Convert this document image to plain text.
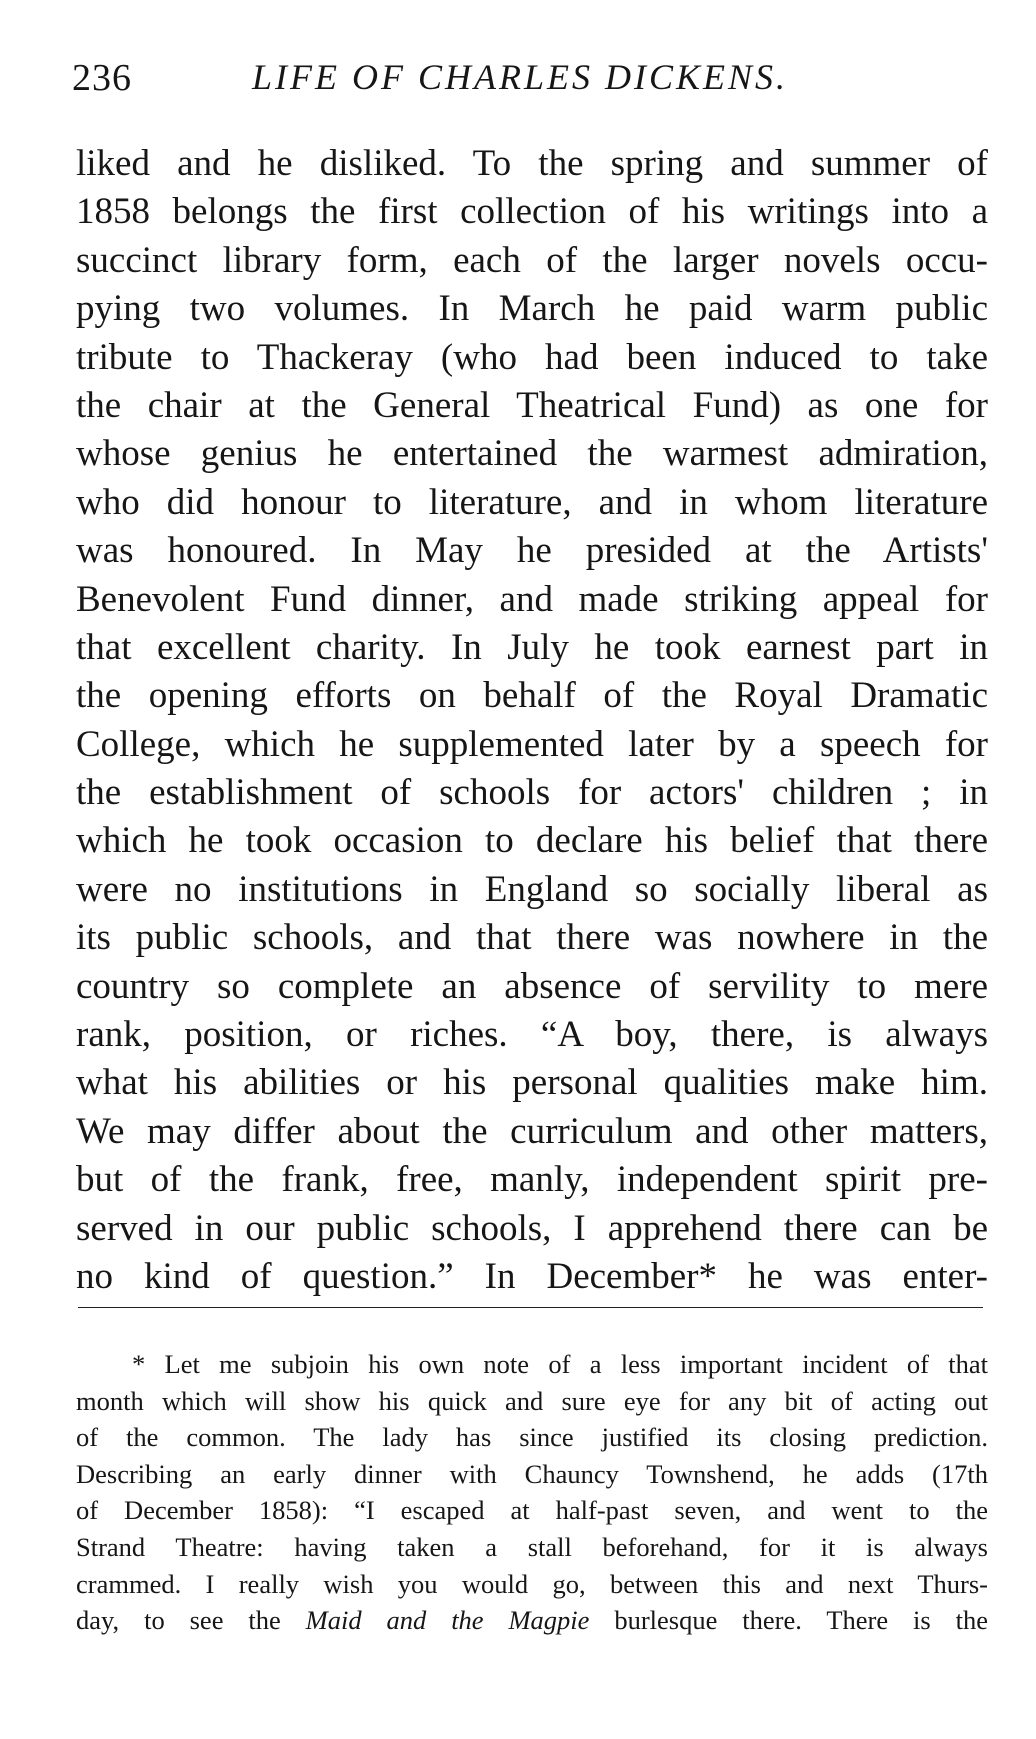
236	LIFE OF CHARLES DICKENS.
liked and he disliked. To the spring and summer of
1858 belongs the first collection of his writings into a
succinct library form, each of the larger novels occu-
pying two volumes. In March he paid warm public
tribute to Thackeray (who had been induced to take
the chair at the General Theatrical Fund) as one for
whose genius he entertained the warmest admiration,
who did honour to literature, and in whom literature
was honoured. In May he presided at the Artists'
Benevolent Fund dinner, and made striking appeal for
that excellent charity. In July he took earnest part in
the opening efforts on behalf of the Royal Dramatic
College, which he supplemented later by a speech for
the establishment of schools for actors' children ; in
which he took occasion to declare his belief that there
were no institutions in England so socially liberal as
its public schools, and that there was nowhere in the
country so complete an absence of servility to mere
rank, position, or riches. “A boy, there, is always
what his abilities or his personal qualities make him.
We may differ about the curriculum and other matters,
but of the frank, free, manly, independent spirit pre-
served in our public schools, I apprehend there can be
no kind of question.” In December* he was enter-
* Let me subjoin his own note of a less important incident of that
month which will show his quick and sure eye for any bit of acting out
of the common. The lady has since justified its closing prediction.
Describing an early dinner with Chauncy Townshend, he adds (17th
of December 1858): “I escaped at half-past seven, and went to the
Strand Theatre: having taken a stall beforehand, for it is always
crammed. I really wish you would go, between this and next Thurs-
day, to see the Maid and the Magpie burlesque there. There is the
